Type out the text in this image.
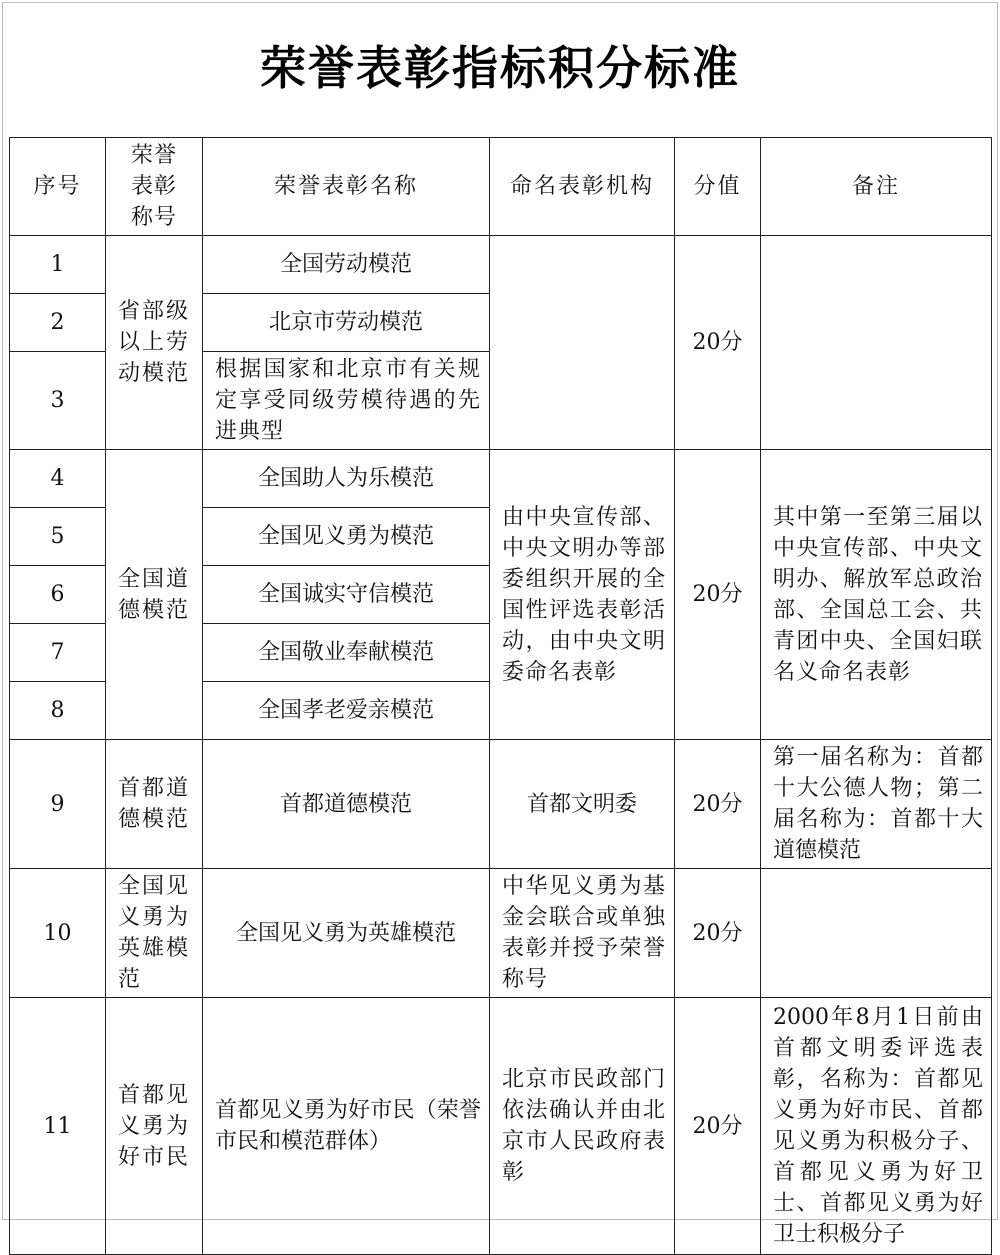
荣誉表彰指标积分标准
序号	荣誉表彰称号	荣誉表彰名称	命名表彰机构	分值	备注
1	省部级以上劳动模范	全国劳动模范		20分	
2		北京市劳动模范			
3		根据国家和北京市有关规定享受同级劳模待遇的先进典型			
4	全国道德模范	全国助人为乐模范	由中央宣传部、中央文明办等部委组织开展的全国性评选表彰活动，由中央文明委命名表彰	20分	其中第一至第三届以中央宣传部、中央文明办、解放军总政治部、全国总工会、共青团中央、全国妇联名义命名表彰
5		全国见义勇为模范			
6		全国诚实守信模范			
7		全国敬业奉献模范			
8		全国孝老爱亲模范			
9	首都道德模范	首都道德模范	首都文明委	20分	第一届名称为：首都十大公德人物；第二届名称为：首都十大道德模范
10	全国见义勇为英雄模范	全国见义勇为英雄模范	中华见义勇为基金会联合或单独表彰并授予荣誉称号	20分	
11	首都见义勇为好市民	首都见义勇为好市民（荣誉市民和模范群体）	北京市民政部门依法确认并由北京市人民政府表彰	20分	2000年8月1日前由首都文明委评选表彰，名称为：首都见义勇为好市民、首都见义勇为积极分子、首都见义勇为好卫士、首都见义勇为好卫士积极分子
